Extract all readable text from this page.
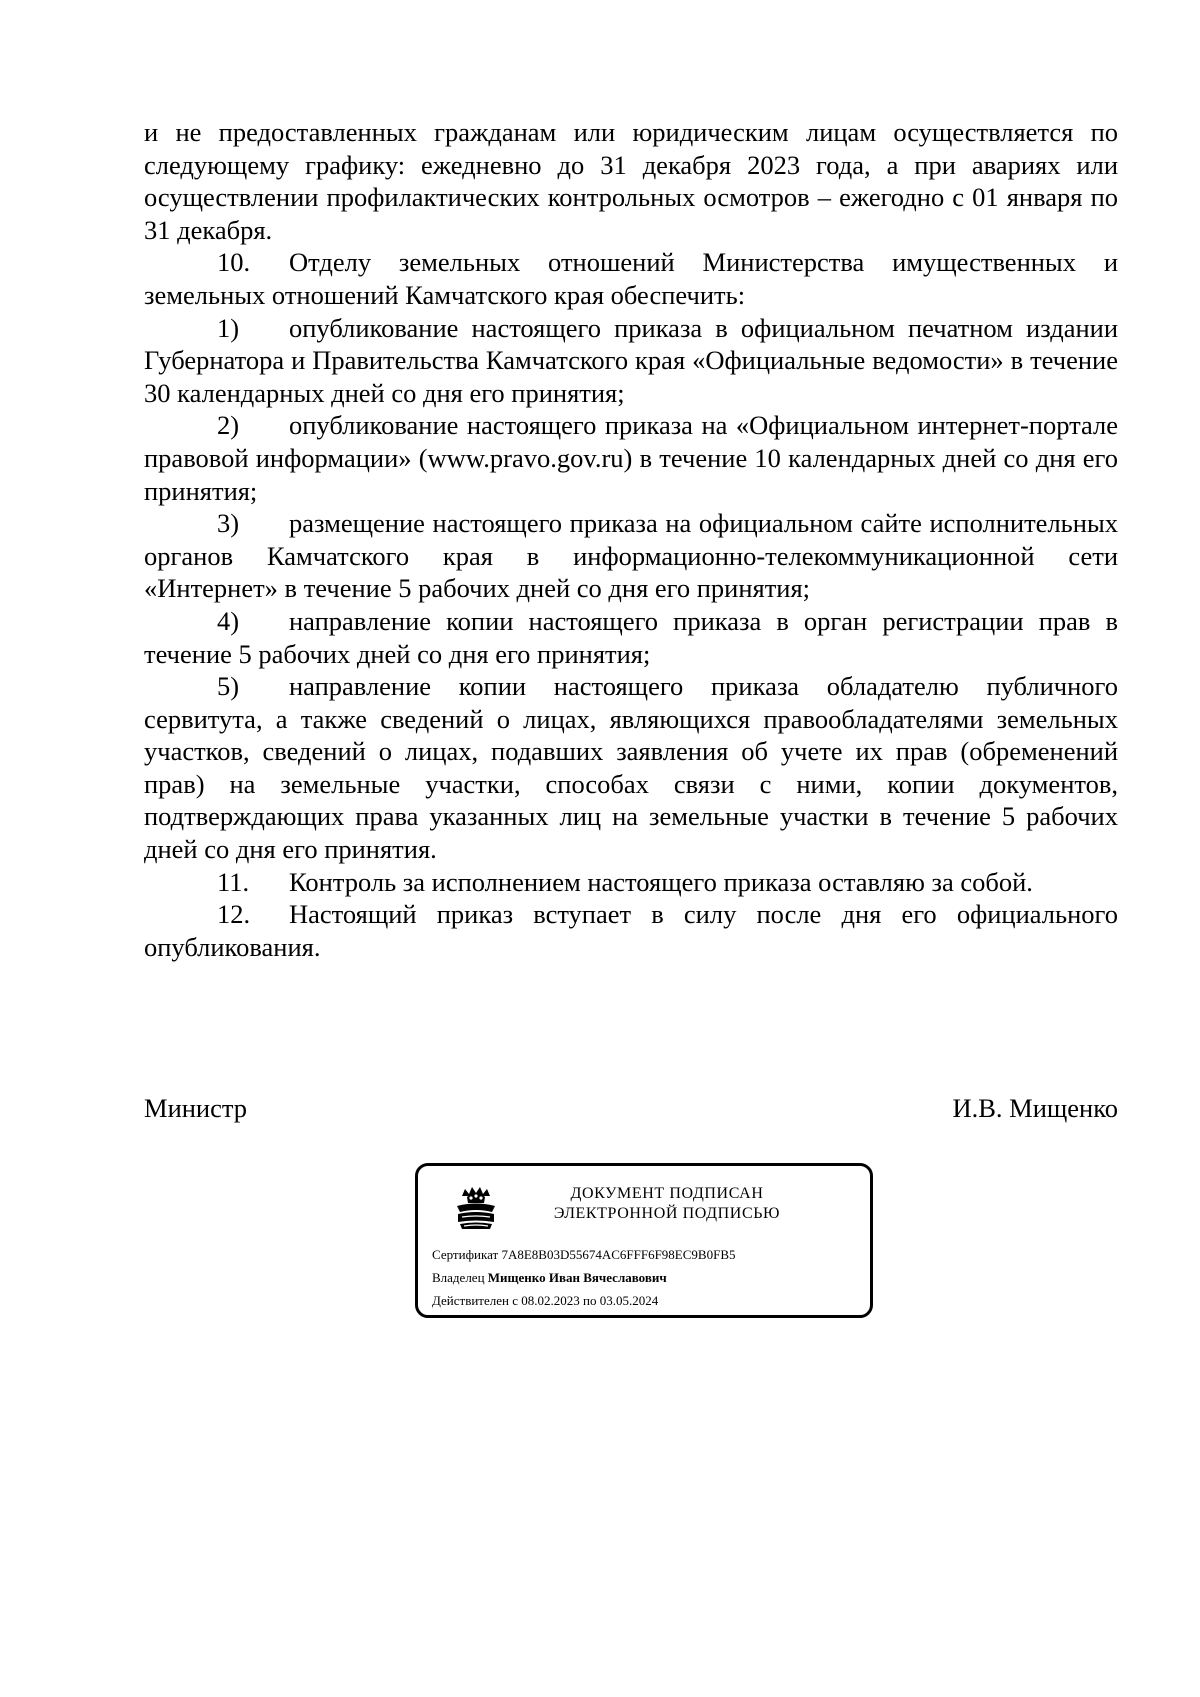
и не предоставленных гражданам или юридическим лицам осуществляется по следующему графику: ежедневно до 31 декабря 2023 года, а при авариях или осуществлении профилактических контрольных осмотров – ежегодно с 01 января по 31 декабря.

10. Отделу земельных отношений Министерства имущественных и земельных отношений Камчатского края обеспечить:

1) опубликование настоящего приказа в официальном печатном издании Губернатора и Правительства Камчатского края «Официальные ведомости» в течение 30 календарных дней со дня его принятия;

2) опубликование настоящего приказа на «Официальном интернет-портале правовой информации» (www.pravo.gov.ru) в течение 10 календарных дней со дня его принятия;

3) размещение настоящего приказа на официальном сайте исполнительных органов Камчатского края в информационно-телекоммуникационной сети «Интернет» в течение 5 рабочих дней со дня его принятия;

4) направление копии настоящего приказа в орган регистрации прав в течение 5 рабочих дней со дня его принятия;

5) направление копии настоящего приказа обладателю публичного сервитута, а также сведений о лицах, являющихся правообладателями земельных участков, сведений о лицах, подавших заявления об учете их прав (обременений прав) на земельные участки, способах связи с ними, копии документов, подтверждающих права указанных лиц на земельные участки в течение 5 рабочих дней со дня его принятия.

11. Контроль за исполнением настоящего приказа оставляю за собой.

12. Настоящий приказ вступает в силу после дня его официального опубликования.

Министр	И.В. Мищенко
ДОКУМЕНТ ПОДПИСАН
ЭЛЕКТРОННОЙ ПОДПИСЬЮ
Сертификат 7A8E8B03D55674AC6FFF6F98EC9B0FB5
Владелец Мищенко Иван Вячеславович
Действителен с 08.02.2023 по 03.05.2024
